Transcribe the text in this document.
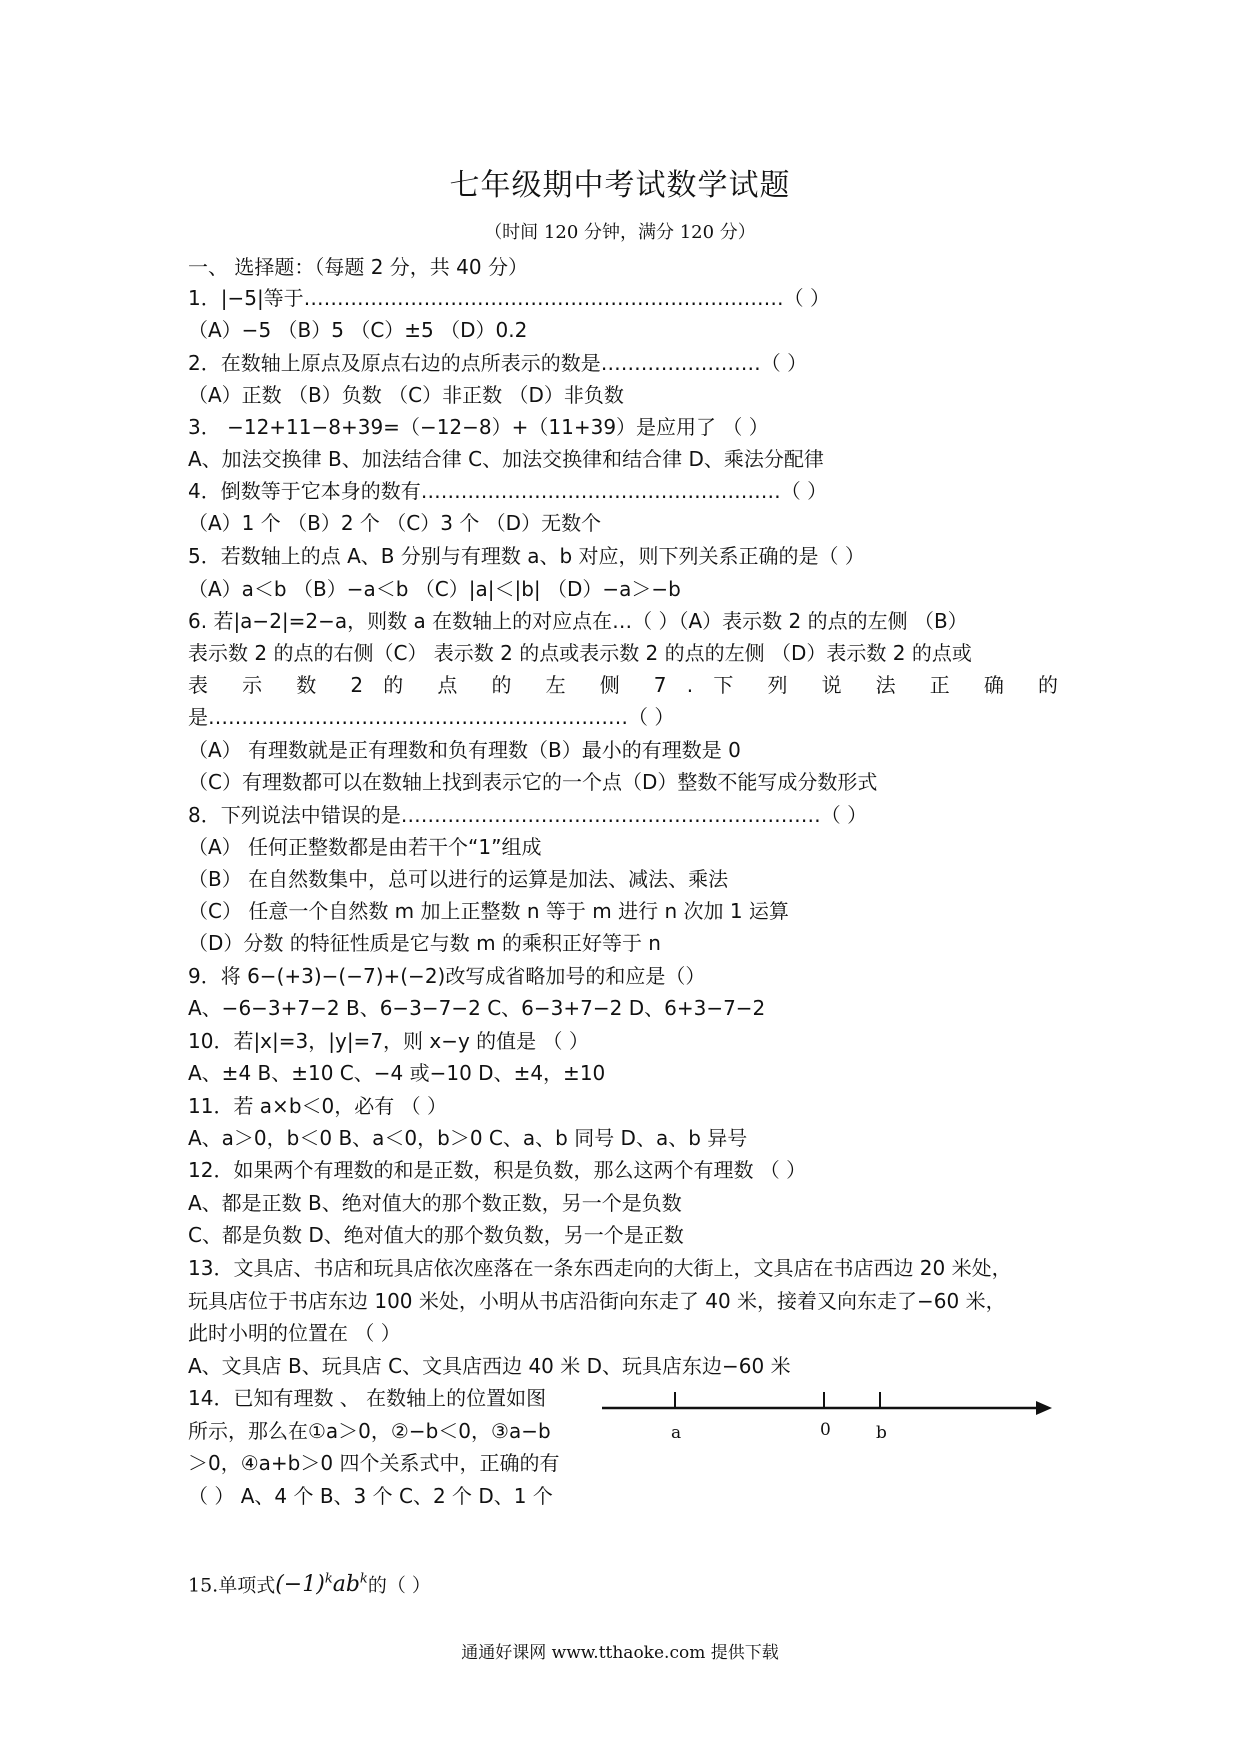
七年级期中考试数学试题
（时间 120 分钟，满分 120 分）
一、 选择题：（每题 2 分，共 40 分）
1．|−5|等于………………………………………………………………（ ）
（A）−5 （B）5 （C）±5 （D）0.2
2．在数轴上原点及原点右边的点所表示的数是……………………（ ）
（A）正数 （B）负数 （C）非正数 （D）非负数
3． −12+11−8+39=（−12−8）+（11+39）是应用了 （ ）
A、加法交换律 B、加法结合律 C、加法交换律和结合律 D、乘法分配律
4．倒数等于它本身的数有………………………………………………（ ）
（A）1 个 （B）2 个 （C）3 个 （D）无数个
5．若数轴上的点 A、B 分别与有理数 a、b 对应，则下列关系正确的是（ ）
（A）a＜b （B）−a＜b （C）|a|＜|b| （D）−a＞−b
6. 若|a−2|=2−a，则数 a 在数轴上的对应点在…（ ）（A）表示数 2 的点的左侧 （B）
表示数 2 的点的右侧（C） 表示数 2 的点或表示数 2 的点的左侧 （D）表示数 2 的点或
表 示 数 2 的 点 的 左 侧 7 . 下 列 说 法 正 确 的
是………………………………………………………（ ）
（A） 有理数就是正有理数和负有理数（B）最小的有理数是 0
（C）有理数都可以在数轴上找到表示它的一个点（D）整数不能写成分数形式
8．下列说法中错误的是………………………………………………………（ ）
（A） 任何正整数都是由若干个“1”组成
（B） 在自然数集中，总可以进行的运算是加法、减法、乘法
（C） 任意一个自然数 m 加上正整数 n 等于 m 进行 n 次加 1 运算
（D）分数 的特征性质是它与数 m 的乘积正好等于 n
9．将 6−(+3)−(−7)+(−2)改写成省略加号的和应是（）
A、−6−3+7−2 B、6−3−7−2 C、6−3+7−2 D、6+3−7−2
10．若|x|=3，|y|=7，则 x−y 的值是 （ ）
A、±4 B、±10 C、−4 或−10 D、±4，±10
11．若 a×b＜0，必有 （ ）
A、a＞0，b＜0 B、a＜0，b＞0 C、a、b 同号 D、a、b 异号
12．如果两个有理数的和是正数，积是负数，那么这两个有理数 （ ）
A、都是正数 B、绝对值大的那个数正数，另一个是负数
C、都是负数 D、绝对值大的那个数负数，另一个是正数
13．文具店、书店和玩具店依次座落在一条东西走向的大街上，文具店在书店西边 20 米处，
玩具店位于书店东边 100 米处，小明从书店沿街向东走了 40 米，接着又向东走了−60 米，
此时小明的位置在 （ ）
A、文具店 B、玩具店 C、文具店西边 40 米 D、玩具店东边−60 米
14．已知有理数 、 在数轴上的位置如图
所示，那么在①a＞0，②−b＜0，③a−b
＞0，④a+b＞0 四个关系式中，正确的有
（ ） A、4 个 B、3 个 C、2 个 D、1 个
a	0	b
15.单项式$(-1)^kab^k$的（ ）
通通好课网 www.tthaoke.com 提供下载
